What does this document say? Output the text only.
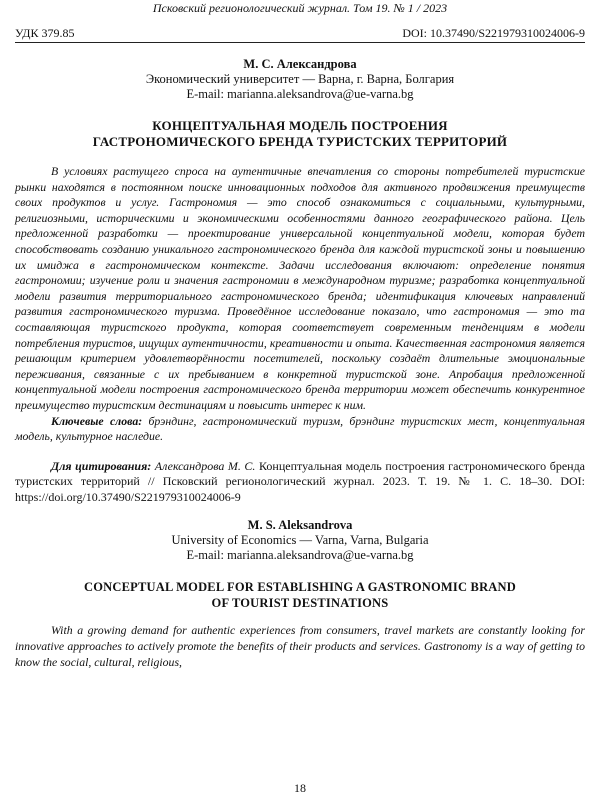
Псковский регионологический журнал. Том 19. № 1 / 2023
УДК 379.85	DOI: 10.37490/S221979310024006-9
М. С. Александрова
Экономический университет — Варна, г. Варна, Болгария
E-mail: marianna.aleksandrova@ue-varna.bg
КОНЦЕПТУАЛЬНАЯ МОДЕЛЬ ПОСТРОЕНИЯ
ГАСТРОНОМИЧЕСКОГО БРЕНДА ТУРИСТСКИХ ТЕРРИТОРИЙ

В условиях растущего спроса на аутентичные впечатления со стороны потребителей туристские рынки находятся в постоянном поиске инновационных подходов для активного продвижения преимуществ своих продуктов и услуг. Гастрономия — это способ ознакомиться с социальными, культурными, религиозными, историческими и экономическими особенностями данного географического района. Цель предложенной разработки — проектирование универсальной концептуальной модели, которая будет способствовать созданию уникального гастрономического бренда для каждой туристской зоны и повышению их имиджа в гастрономическом контексте. Задачи исследования включают: определение понятия гастрономии; изучение роли и значения гастрономии в международном туризме; разработка концептуальной модели развития территориального гастрономического бренда; идентификация ключевых направлений развития гастрономического туризма. Проведённое исследование показало, что гастрономия — это та составляющая туристского продукта, которая соответствует современным тенденциям в модели потребления туристов, ищущих аутентичности, креативности и опыта. Качественная гастрономия является решающим критерием удовлетворённости посетителей, поскольку создаёт длительные эмоциональные переживания, связанные с их пребыванием в конкретной туристской зоне. Апробация предложенной концептуальной модели построения гастрономического бренда территории может обеспечить конкурентное преимущество туристским дестинациям и повысить интерес к ним.

Ключевые слова: брэндинг, гастрономический туризм, брэндинг туристских мест, концептуальная модель, культурное наследие.

Для цитирования: Александрова М. С. Концептуальная модель построения гастрономического бренда туристских территорий // Псковский регионологический журнал. 2023. Т. 19. № 1. С. 18–30. DOI: https://doi.org/10.37490/S221979310024006-9

M. S. Aleksandrova
University of Economics — Varna, Varna, Bulgaria
E-mail: marianna.aleksandrova@ue-varna.bg
CONCEPTUAL MODEL FOR ESTABLISHING A GASTRONOMIC BRAND
OF TOURIST DESTINATIONS

With a growing demand for authentic experiences from consumers, travel markets are constantly looking for innovative approaches to actively promote the benefits of their products and services. Gastronomy is a way of getting to know the social, cultural, religious,

18
